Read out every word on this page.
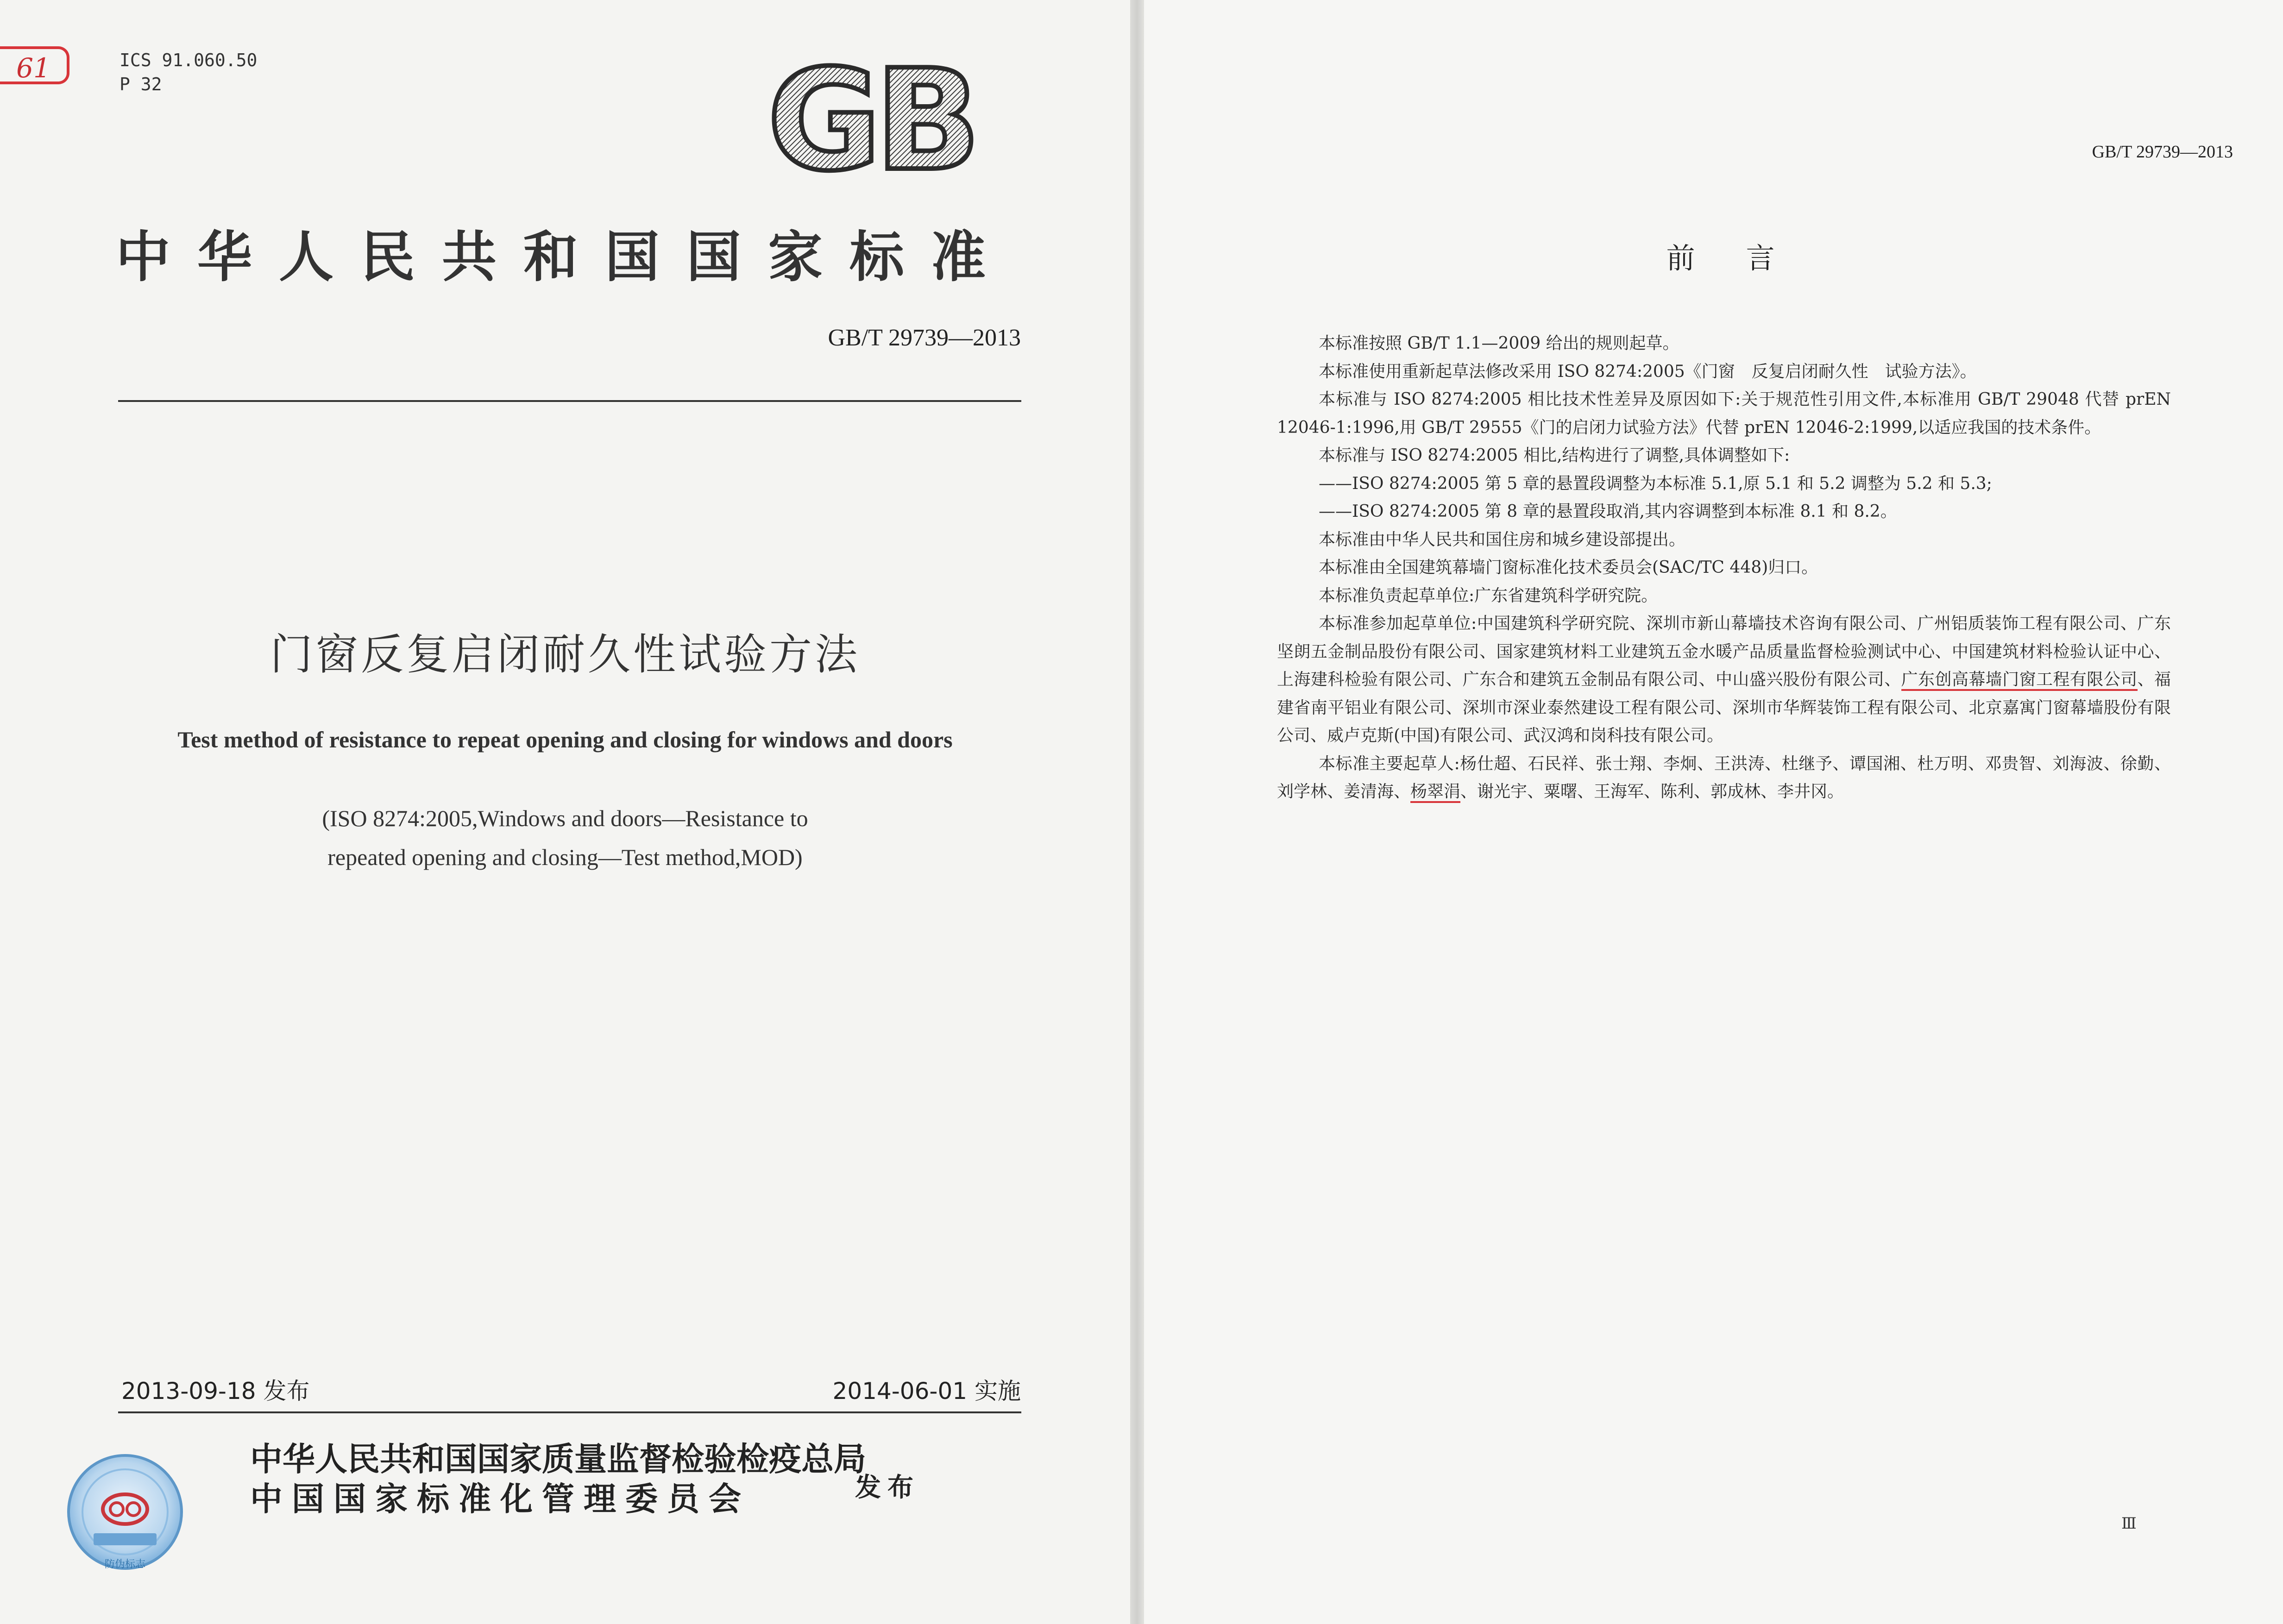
61	ICS 91.060.50
P 32	GB
中华人民共和国国家标准
GB/T 29739—2013
门窗反复启闭耐久性试验方法
Test method of resistance to repeat opening and closing for windows and doors
(ISO 8274:2005,Windows and doors—Resistance to
repeated opening and closing—Test method,MOD)
2013-09-18 发布	2014-06-01 实施
防伪标志
中华人民共和国国家质量监督检验检疫总局
中国国家标准化管理委员会	发布
GB/T 29739—2013
前言

本标准按照 GB/T 1.1—2009 给出的规则起草。

本标准使用重新起草法修改采用 ISO 8274:2005《门窗　反复启闭耐久性　试验方法》。

本标准与 ISO 8274:2005 相比技术性差异及原因如下:关于规范性引用文件,本标准用 GB/T 29048 代替 prEN 12046-1:1996,用 GB/T 29555《门的启闭力试验方法》代替 prEN 12046-2:1999,以适应我国的技术条件。

本标准与 ISO 8274:2005 相比,结构进行了调整,具体调整如下:

——ISO 8274:2005 第 5 章的悬置段调整为本标准 5.1,原 5.1 和 5.2 调整为 5.2 和 5.3;

——ISO 8274:2005 第 8 章的悬置段取消,其内容调整到本标准 8.1 和 8.2。

本标准由中华人民共和国住房和城乡建设部提出。

本标准由全国建筑幕墙门窗标准化技术委员会(SAC/TC 448)归口。

本标准负责起草单位:广东省建筑科学研究院。

本标准参加起草单位:中国建筑科学研究院、深圳市新山幕墙技术咨询有限公司、广州铝质装饰工程有限公司、广东坚朗五金制品股份有限公司、国家建筑材料工业建筑五金水暖产品质量监督检验测试中心、中国建筑材料检验认证中心、上海建科检验有限公司、广东合和建筑五金制品有限公司、中山盛兴股份有限公司、广东创高幕墙门窗工程有限公司、福建省南平铝业有限公司、深圳市深业泰然建设工程有限公司、深圳市华辉装饰工程有限公司、北京嘉寓门窗幕墙股份有限公司、威卢克斯(中国)有限公司、武汉鸿和岗科技有限公司。

本标准主要起草人:杨仕超、石民祥、张士翔、李炯、王洪涛、杜继予、谭国湘、杜万明、邓贵智、刘海波、徐勤、刘学林、姜清海、杨翠涓、谢光宇、粟曙、王海军、陈利、郭成林、李井冈。

Ⅲ
